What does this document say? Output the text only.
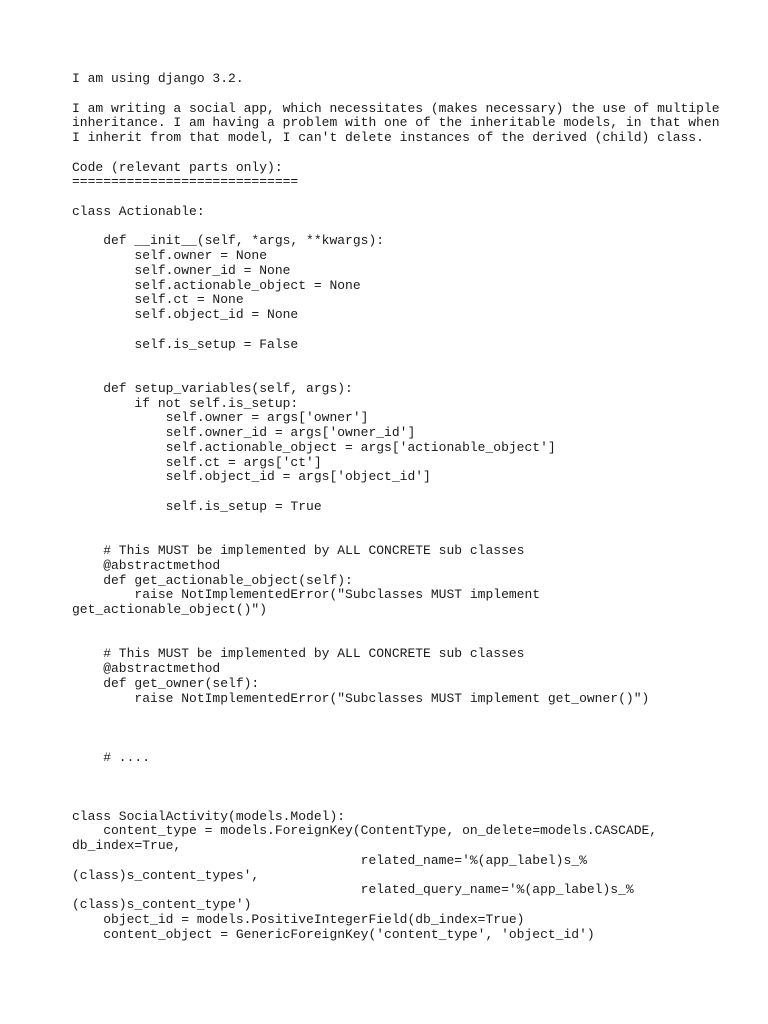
I am using django 3.2.
I am writing a social app, which necessitates (makes necessary) the use of multiple
inheritance. I am having a problem with one of the inheritable models, in that when
I inherit from that model, I can't delete instances of the derived (child) class.
Code (relevant parts only):
=============================
class Actionable:
def __init__(self, *args, **kwargs):
self.owner = None
self.owner_id = None
self.actionable_object = None
self.ct = None
self.object_id = None
self.is_setup = False
def setup_variables(self, args):
if not self.is_setup:
self.owner = args['owner']
self.owner_id = args['owner_id']
self.actionable_object = args['actionable_object']
self.ct = args['ct']
self.object_id = args['object_id']
self.is_setup = True
# This MUST be implemented by ALL CONCRETE sub classes
@abstractmethod
def get_actionable_object(self):
raise NotImplementedError("Subclasses MUST implement
get_actionable_object()")
# This MUST be implemented by ALL CONCRETE sub classes
@abstractmethod
def get_owner(self):
raise NotImplementedError("Subclasses MUST implement get_owner()")
# ....
class SocialActivity(models.Model):
content_type = models.ForeignKey(ContentType, on_delete=models.CASCADE,
db_index=True,
related_name='%(app_label)s_%
(class)s_content_types',
related_query_name='%(app_label)s_%
(class)s_content_type')
object_id = models.PositiveIntegerField(db_index=True)
content_object = GenericForeignKey('content_type', 'object_id')
